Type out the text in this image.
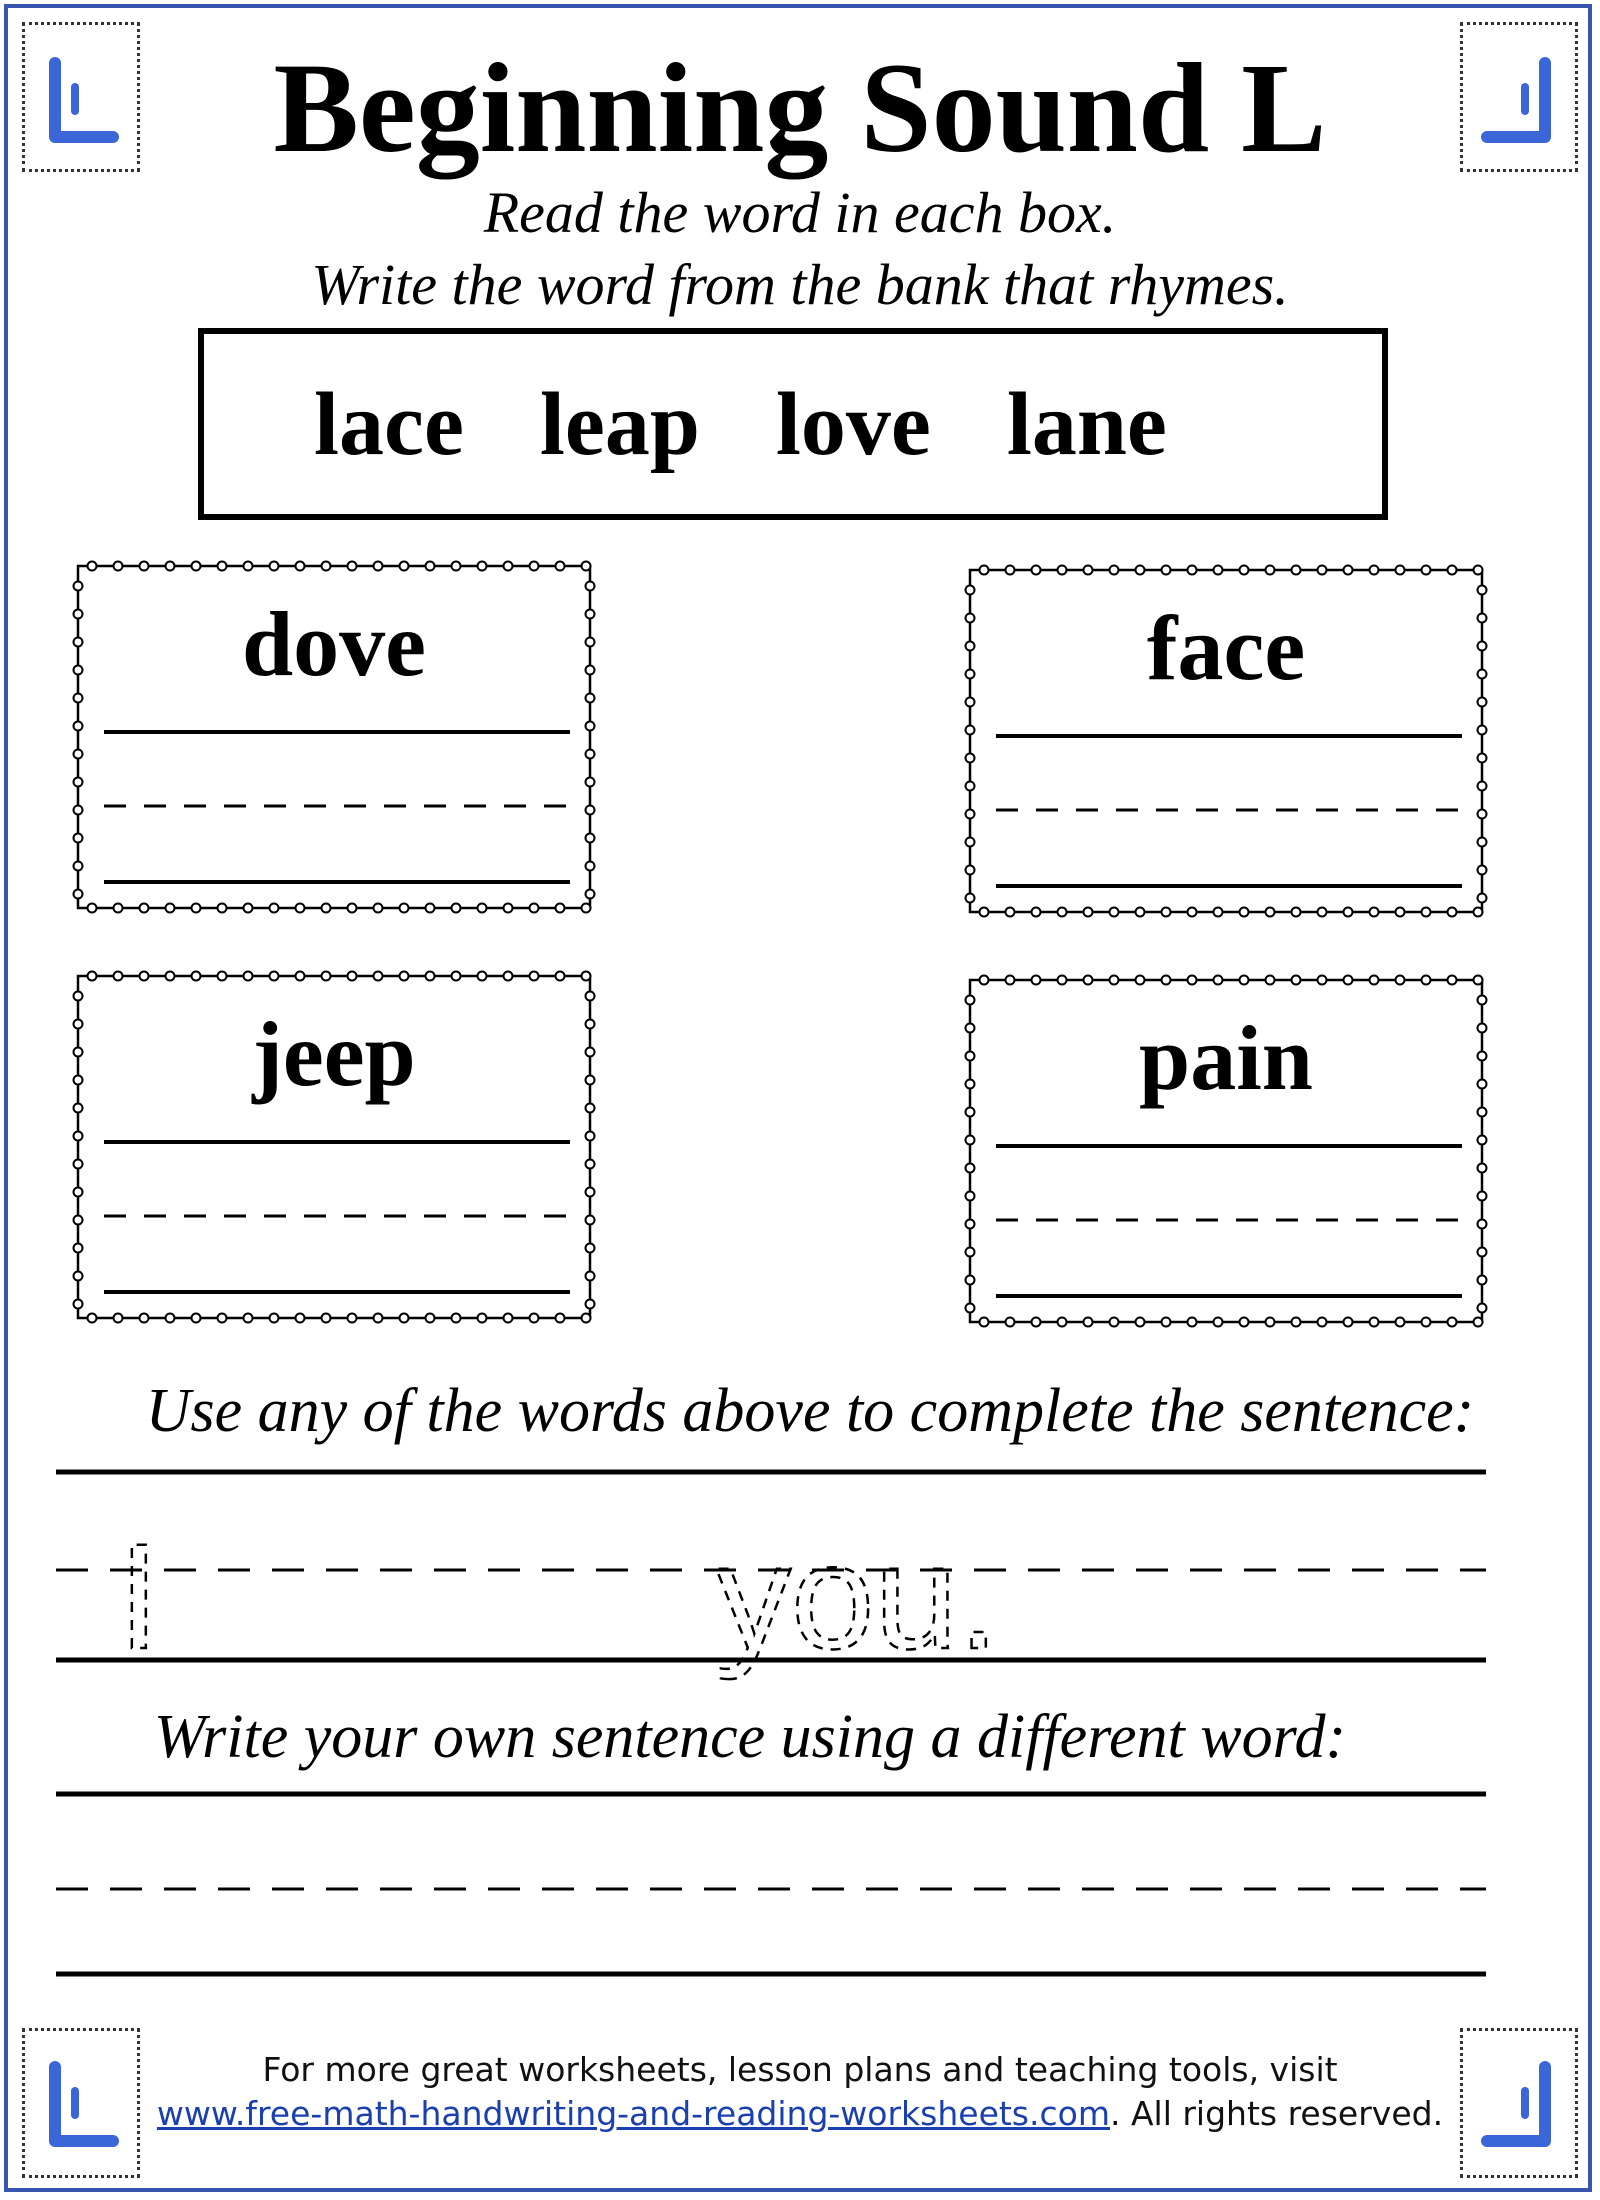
Beginning Sound L
Read the word in each box.
Write the word from the bank that rhymes.
lace leap love lane
dove	face
jeep	pain
Use any of the words above to complete the sentence:
I	you.
Write your own sentence using a different word:
For more great worksheets, lesson plans and teaching tools, visit
www.free-math-handwriting-and-reading-worksheets.com. All rights reserved.
